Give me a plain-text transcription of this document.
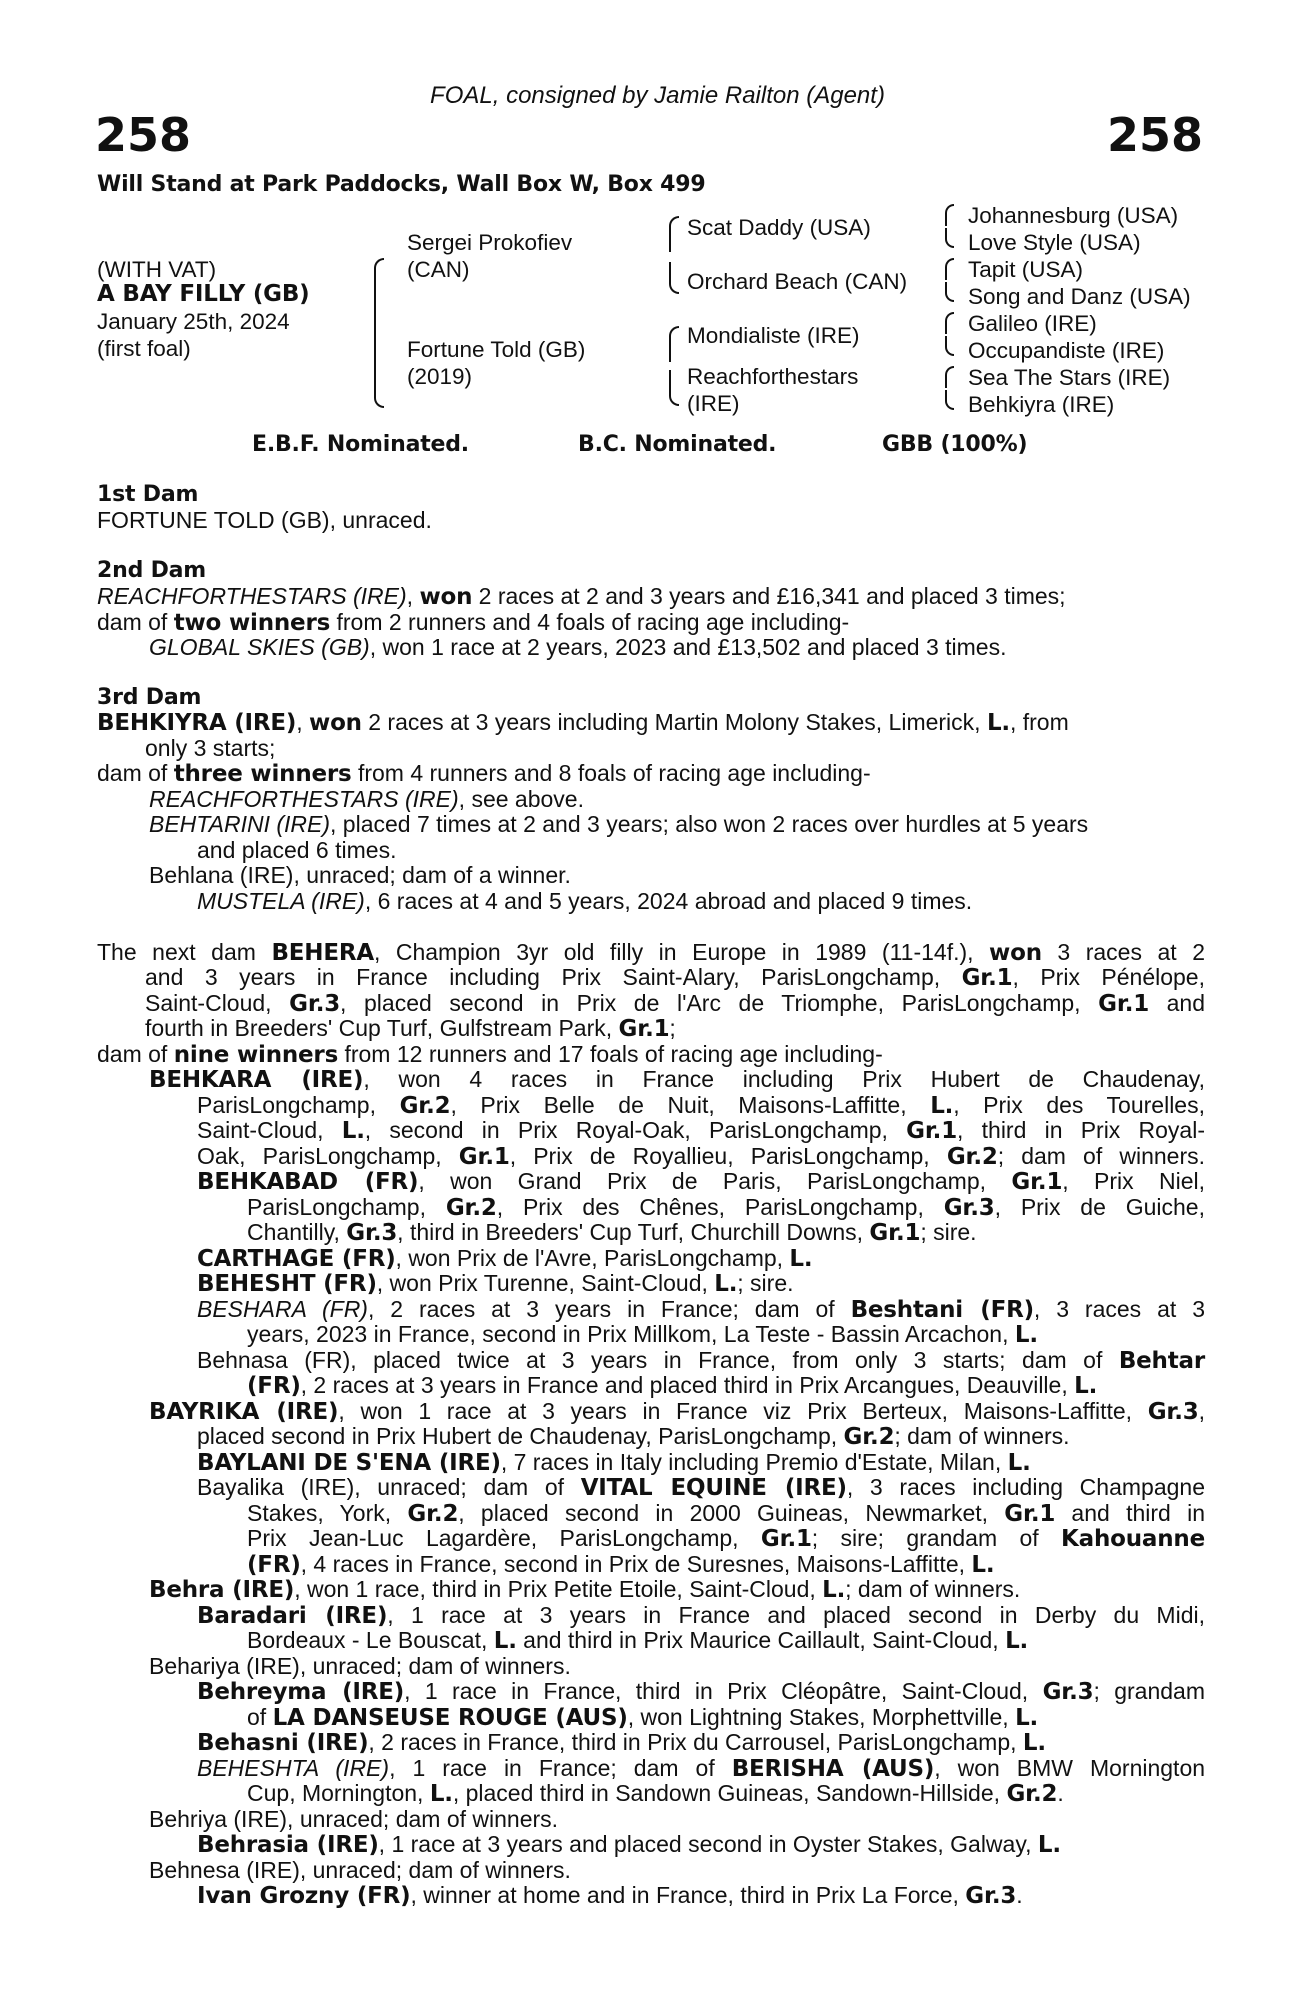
FOAL, consigned by Jamie Railton (Agent)
258	258
Will Stand at Park Paddocks, Wall Box W, Box 499
(WITH VAT)
A BAY FILLY (GB)
January 25th, 2024
(first foal)
Sergei Prokofiev
(CAN)
Fortune Told (GB)
(2019)
Scat Daddy (USA)
Orchard Beach (CAN)
Mondialiste (IRE)
Reachforthestars
(IRE)
Johannesburg (USA)
Love Style (USA)
Tapit (USA)
Song and Danz (USA)
Galileo (IRE)
Occupandiste (IRE)
Sea The Stars (IRE)
Behkiyra (IRE)
E.B.F. Nominated.	B.C. Nominated.	GBB (100%)
1st Dam
FORTUNE TOLD (GB), unraced.
2nd Dam
REACHFORTHESTARS (IRE), won 2 races at 2 and 3 years and £16,341 and placed 3 times;
dam of two winners from 2 runners and 4 foals of racing age including-
GLOBAL SKIES (GB), won 1 race at 2 years, 2023 and £13,502 and placed 3 times.
3rd Dam
BEHKIYRA (IRE), won 2 races at 3 years including Martin Molony Stakes, Limerick, L., from
only 3 starts;
dam of three winners from 4 runners and 8 foals of racing age including-
REACHFORTHESTARS (IRE), see above.
BEHTARINI (IRE), placed 7 times at 2 and 3 years; also won 2 races over hurdles at 5 years
and placed 6 times.
Behlana (IRE), unraced; dam of a winner.
MUSTELA (IRE), 6 races at 4 and 5 years, 2024 abroad and placed 9 times.
The next dam BEHERA, Champion 3yr old filly in Europe in 1989 (11-14f.), won 3 races at 2
and 3 years in France including Prix Saint-Alary, ParisLongchamp, Gr.1, Prix Pénélope,
Saint-Cloud, Gr.3, placed second in Prix de l'Arc de Triomphe, ParisLongchamp, Gr.1 and
fourth in Breeders' Cup Turf, Gulfstream Park, Gr.1;
dam of nine winners from 12 runners and 17 foals of racing age including-
BEHKARA (IRE), won 4 races in France including Prix Hubert de Chaudenay,
ParisLongchamp, Gr.2, Prix Belle de Nuit, Maisons-Laffitte, L., Prix des Tourelles,
Saint-Cloud, L., second in Prix Royal-Oak, ParisLongchamp, Gr.1, third in Prix Royal-
Oak, ParisLongchamp, Gr.1, Prix de Royallieu, ParisLongchamp, Gr.2; dam of winners.
BEHKABAD (FR), won Grand Prix de Paris, ParisLongchamp, Gr.1, Prix Niel,
ParisLongchamp, Gr.2, Prix des Chênes, ParisLongchamp, Gr.3, Prix de Guiche,
Chantilly, Gr.3, third in Breeders' Cup Turf, Churchill Downs, Gr.1; sire.
CARTHAGE (FR), won Prix de l'Avre, ParisLongchamp, L.
BEHESHT (FR), won Prix Turenne, Saint-Cloud, L.; sire.
BESHARA (FR), 2 races at 3 years in France; dam of Beshtani (FR), 3 races at 3
years, 2023 in France, second in Prix Millkom, La Teste - Bassin Arcachon, L.
Behnasa (FR), placed twice at 3 years in France, from only 3 starts; dam of Behtar
(FR), 2 races at 3 years in France and placed third in Prix Arcangues, Deauville, L.
BAYRIKA (IRE), won 1 race at 3 years in France viz Prix Berteux, Maisons-Laffitte, Gr.3,
placed second in Prix Hubert de Chaudenay, ParisLongchamp, Gr.2; dam of winners.
BAYLANI DE S'ENA (IRE), 7 races in Italy including Premio d'Estate, Milan, L.
Bayalika (IRE), unraced; dam of VITAL EQUINE (IRE), 3 races including Champagne
Stakes, York, Gr.2, placed second in 2000 Guineas, Newmarket, Gr.1 and third in
Prix Jean-Luc Lagardère, ParisLongchamp, Gr.1; sire; grandam of Kahouanne
(FR), 4 races in France, second in Prix de Suresnes, Maisons-Laffitte, L.
Behra (IRE), won 1 race, third in Prix Petite Etoile, Saint-Cloud, L.; dam of winners.
Baradari (IRE), 1 race at 3 years in France and placed second in Derby du Midi,
Bordeaux - Le Bouscat, L. and third in Prix Maurice Caillault, Saint-Cloud, L.
Behariya (IRE), unraced; dam of winners.
Behreyma (IRE), 1 race in France, third in Prix Cléopâtre, Saint-Cloud, Gr.3; grandam
of LA DANSEUSE ROUGE (AUS), won Lightning Stakes, Morphettville, L.
Behasni (IRE), 2 races in France, third in Prix du Carrousel, ParisLongchamp, L.
BEHESHTA (IRE), 1 race in France; dam of BERISHA (AUS), won BMW Mornington
Cup, Mornington, L., placed third in Sandown Guineas, Sandown-Hillside, Gr.2.
Behriya (IRE), unraced; dam of winners.
Behrasia (IRE), 1 race at 3 years and placed second in Oyster Stakes, Galway, L.
Behnesa (IRE), unraced; dam of winners.
Ivan Grozny (FR), winner at home and in France, third in Prix La Force, Gr.3.
